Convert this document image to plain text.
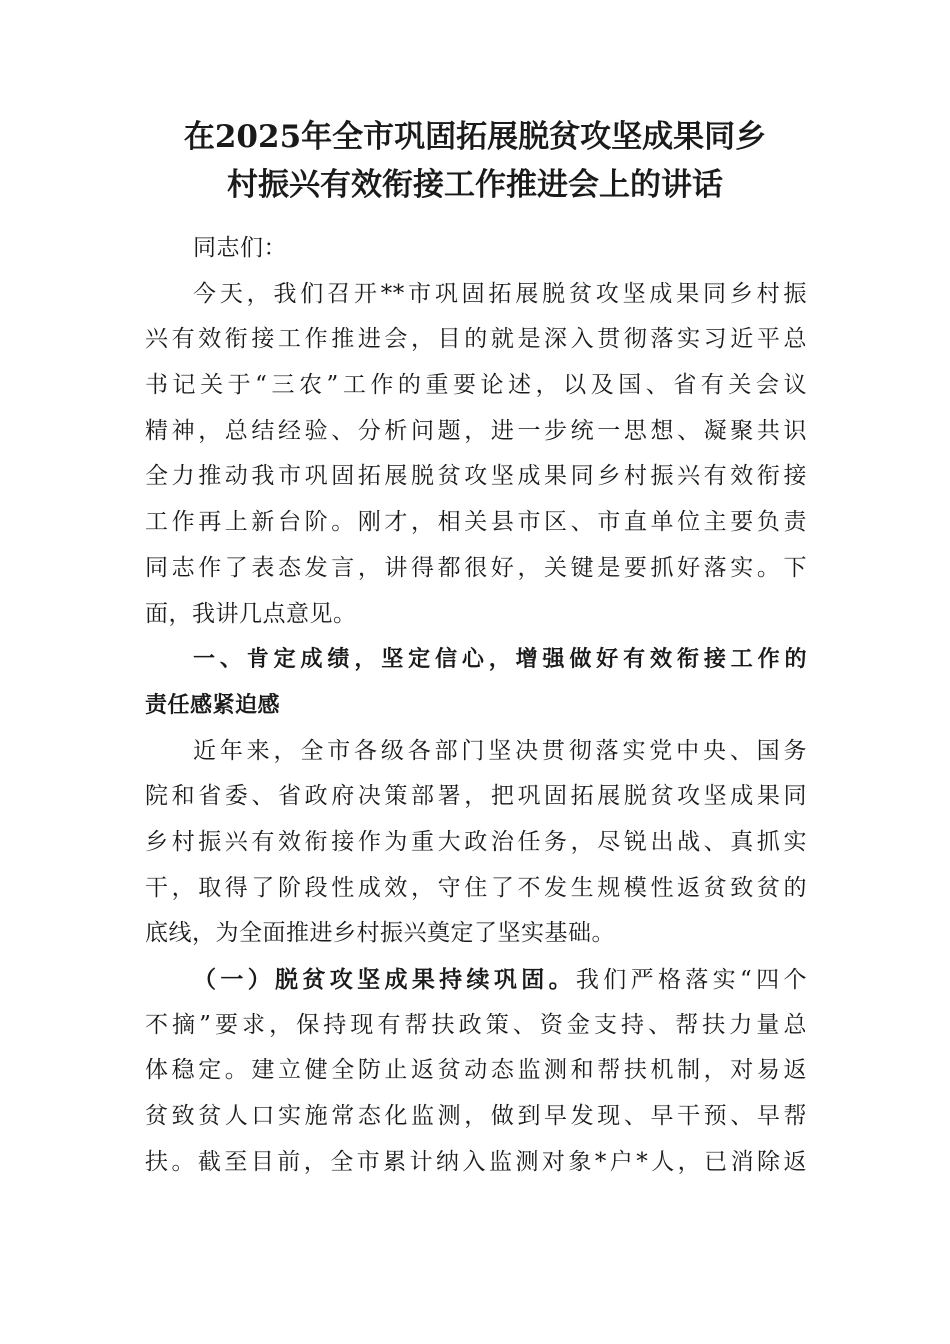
在2025年全市巩固拓展脱贫攻坚成果同乡
村振兴有效衔接工作推进会上的讲话
同志们：
今天，我们召开**市巩固拓展脱贫攻坚成果同乡村振
兴有效衔接工作推进会，目的就是深入贯彻落实习近平总
书记关于“三农”工作的重要论述，以及国、省有关会议
精神，总结经验、分析问题，进一步统一思想、凝聚共识
全力推动我市巩固拓展脱贫攻坚成果同乡村振兴有效衔接
工作再上新台阶。刚才，相关县市区、市直单位主要负责
同志作了表态发言，讲得都很好，关键是要抓好落实。下
面，我讲几点意见。
一、肯定成绩，坚定信心，增强做好有效衔接工作的
责任感紧迫感
近年来，全市各级各部门坚决贯彻落实党中央、国务
院和省委、省政府决策部署，把巩固拓展脱贫攻坚成果同
乡村振兴有效衔接作为重大政治任务，尽锐出战、真抓实
干，取得了阶段性成效，守住了不发生规模性返贫致贫的
底线，为全面推进乡村振兴奠定了坚实基础。
（一）脱贫攻坚成果持续巩固。我们严格落实“四个
不摘”要求，保持现有帮扶政策、资金支持、帮扶力量总
体稳定。建立健全防止返贫动态监测和帮扶机制，对易返
贫致贫人口实施常态化监测，做到早发现、早干预、早帮
扶。截至目前，全市累计纳入监测对象*户*人，已消除返
